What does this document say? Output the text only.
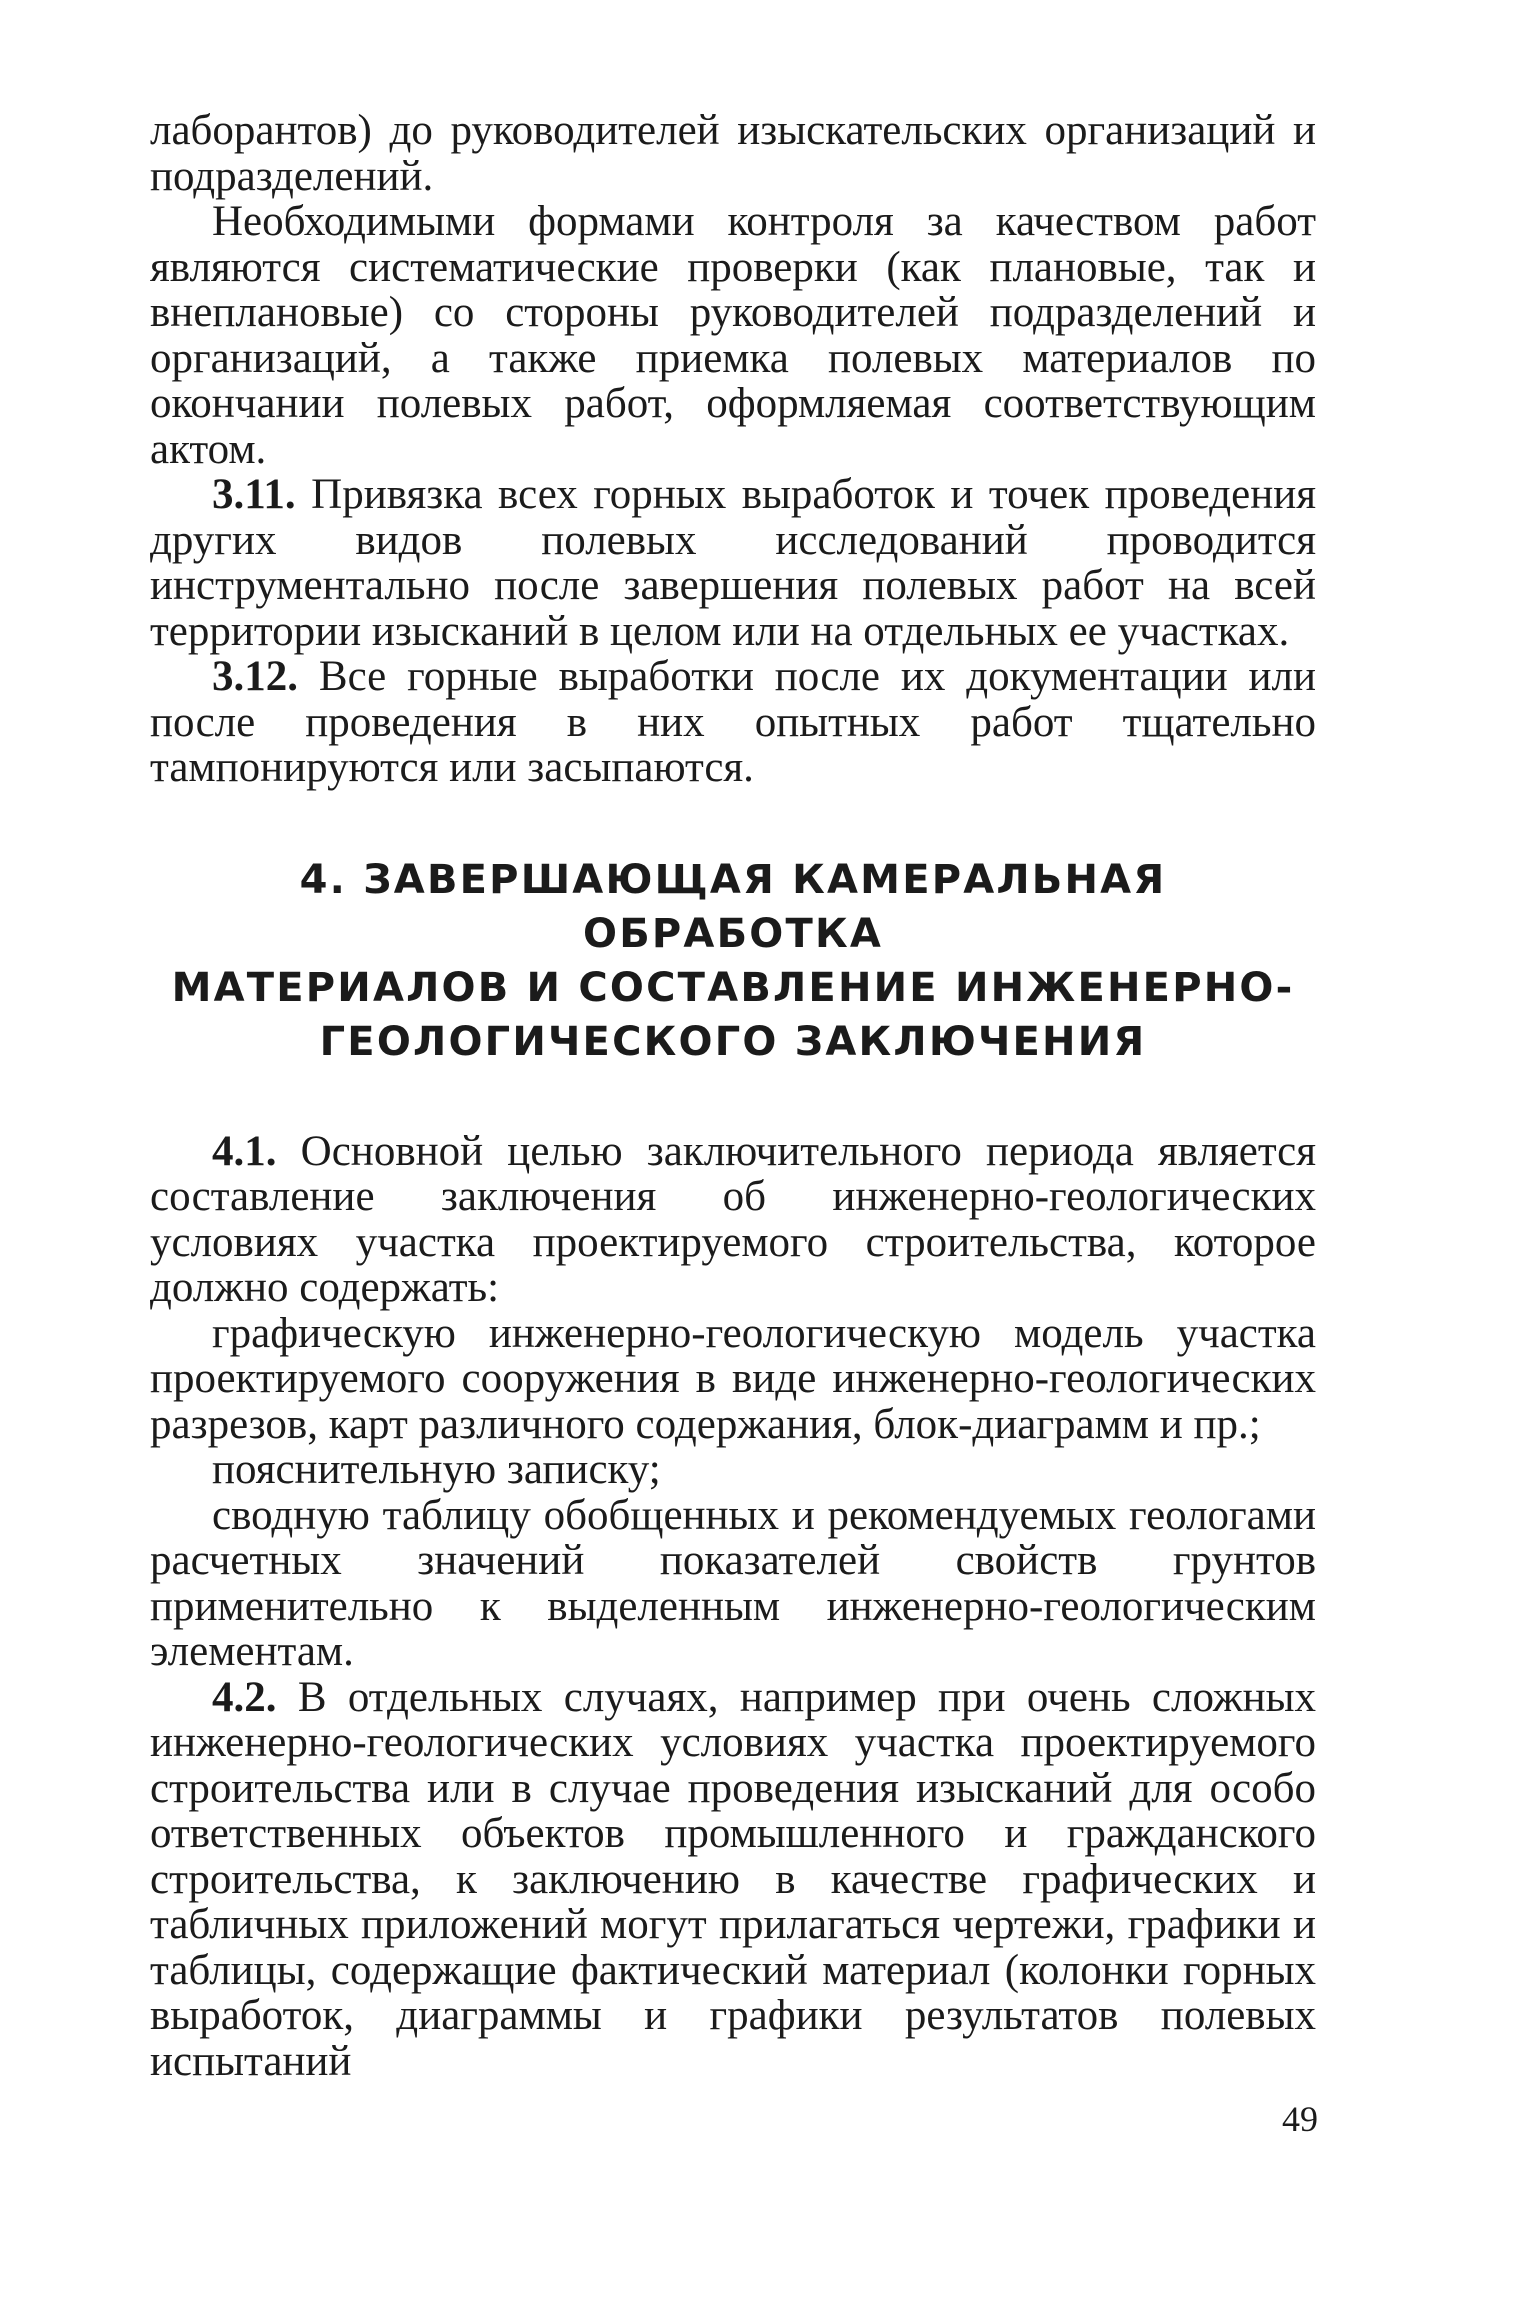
лаборантов) до руководителей изыскательских организаций и подразделений.

Необходимыми формами контроля за качеством работ являются систематические проверки (как плановые, так и внеплановые) со стороны руководителей подразделений и организаций, а также приемка полевых материалов по окончании полевых работ, оформляемая соответствующим актом.

3.11. Привязка всех горных выработок и точек проведения других видов полевых исследований проводится инструментально после завершения полевых работ на всей территории изысканий в целом или на отдельных ее участках.

3.12. Все горные выработки после их документации или после проведения в них опытных работ тщательно тампонируются или засыпаются.

4. ЗАВЕРШАЮЩАЯ КАМЕРАЛЬНАЯ ОБРАБОТКА
МАТЕРИАЛОВ И СОСТАВЛЕНИЕ ИНЖЕНЕРНО-
ГЕОЛОГИЧЕСКОГО ЗАКЛЮЧЕНИЯ

4.1. Основной целью заключительного периода является составление заключения об инженерно-геологических условиях участка проектируемого строительства, которое должно содержать:

графическую инженерно-геологическую модель участка проектируемого сооружения в виде инженерно-геологических разрезов, карт различного содержания, блок-диаграмм и пр.;

пояснительную записку;

сводную таблицу обобщенных и рекомендуемых геологами расчетных значений показателей свойств грунтов применительно к выделенным инженерно-геологическим элементам.

4.2. В отдельных случаях, например при очень сложных инженерно-геологических условиях участка проектируемого строительства или в случае проведения изысканий для особо ответственных объектов промышленного и гражданского строительства, к заключению в качестве графических и табличных приложений могут прилагаться чертежи, графики и таблицы, содержащие фактический материал (колонки горных выработок, диаграммы и графики результатов полевых испытаний

49
